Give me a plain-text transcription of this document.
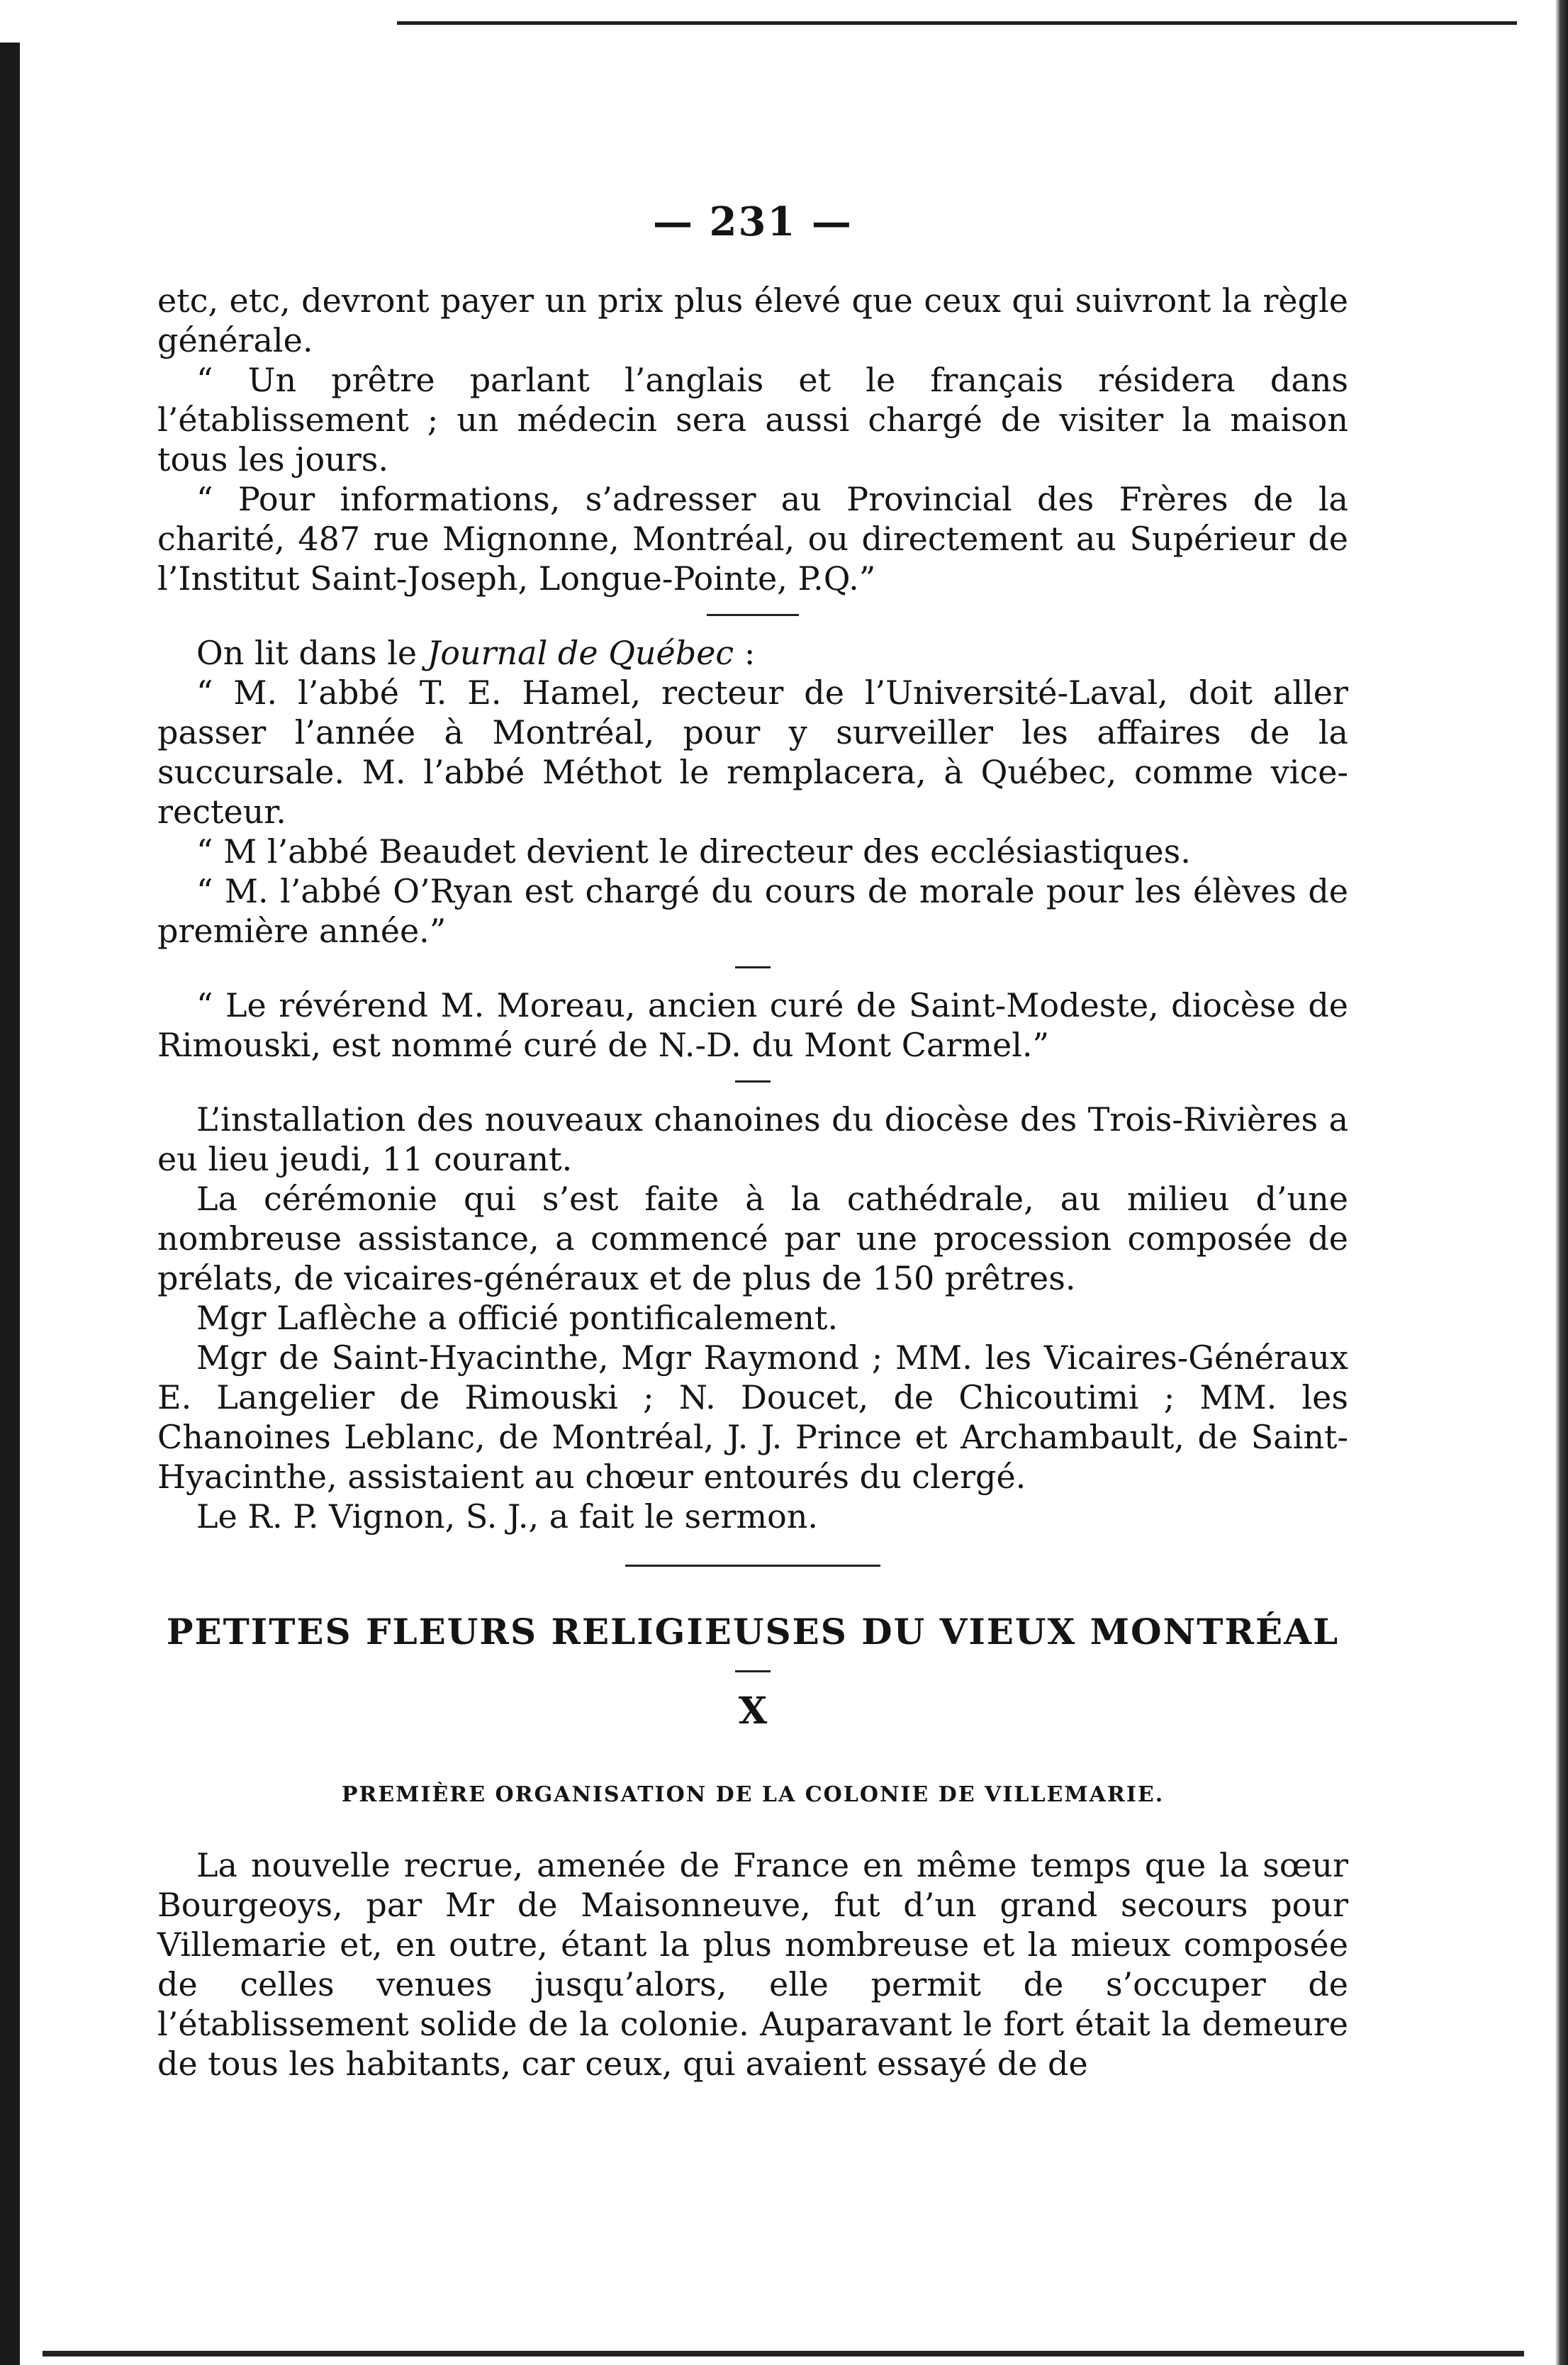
— 231 —

etc, etc, devront payer un prix plus élevé que ceux qui suivront la règle générale.

“ Un prêtre parlant l’anglais et le français résidera dans l’établissement ; un médecin sera aussi chargé de visiter la maison tous les jours.

“ Pour informations, s’adresser au Provincial des Frères de la charité, 487 rue Mignonne, Montréal, ou directement au Supérieur de l’Institut Saint-Joseph, Longue-Pointe, P.Q.”

On lit dans le Journal de Québec :

“ M. l’abbé T. E. Hamel, recteur de l’Université-Laval, doit aller passer l’année à Montréal, pour y surveiller les affaires de la succursale. M. l’abbé Méthot le remplacera, à Québec, comme vice-recteur.

“ M l’abbé Beaudet devient le directeur des ecclésiastiques.

“ M. l’abbé O’Ryan est chargé du cours de morale pour les élèves de première année.”

“ Le révérend M. Moreau, ancien curé de Saint-Modeste, diocèse de Rimouski, est nommé curé de N.-D. du Mont Carmel.”

L’installation des nouveaux chanoines du diocèse des Trois-Rivières a eu lieu jeudi, 11 courant.

La cérémonie qui s’est faite à la cathédrale, au milieu d’une nombreuse assistance, a commencé par une procession composée de prélats, de vicaires-généraux et de plus de 150 prêtres.

Mgr Laflèche a officié pontificalement.

Mgr de Saint-Hyacinthe, Mgr Raymond ; MM. les Vicaires-Généraux E. Langelier de Rimouski ; N. Doucet, de Chicoutimi ; MM. les Chanoines Leblanc, de Montréal, J. J. Prince et Archambault, de Saint-Hyacinthe, assistaient au chœur entourés du clergé.

Le R. P. Vignon, S. J., a fait le sermon.

PETITES FLEURS RELIGIEUSES DU VIEUX MONTRÉAL
X
PREMIÈRE ORGANISATION DE LA COLONIE DE VILLEMARIE.

La nouvelle recrue, amenée de France en même temps que la sœur Bourgeoys, par Mr de Maisonneuve, fut d’un grand secours pour Villemarie et, en outre, étant la plus nombreuse et la mieux composée de celles venues jusqu’alors, elle permit de s’occuper de l’établissement solide de la colonie. Auparavant le fort était la demeure de tous les habitants, car ceux, qui avaient essayé de de
